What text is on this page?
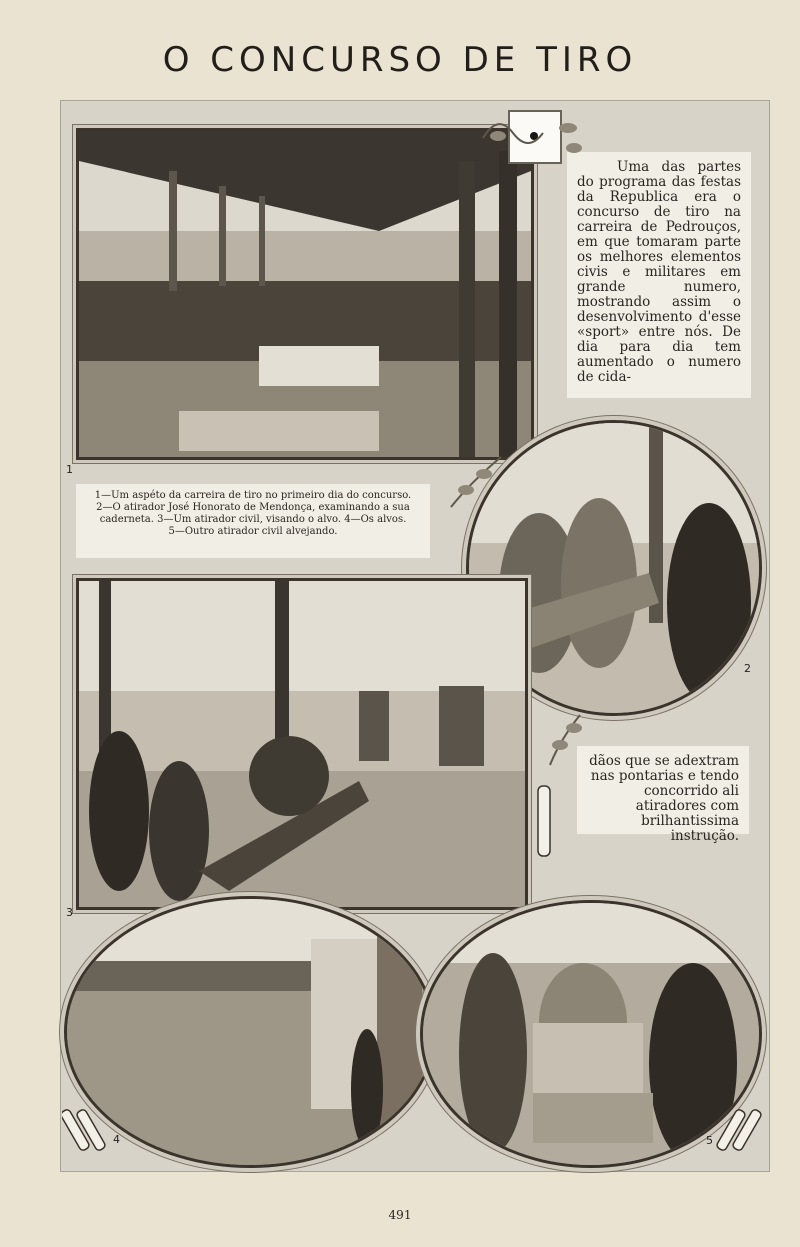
O CONCURSO DE TIRO

Uma das partes do programa das festas da Republica era o concurso de tiro na carreira de Pedrouços, em que tomaram parte os melhores elementos civis e militares em grande numero, mostrando assim o desenvolvimento d'esse «sport» entre nós. De dia para dia tem aumentado o numero de cida-

1
1—Um aspéto da carreira de tiro no primeiro dia do concurso.
2—O atirador José Honorato de Mendonça, examinando a sua
caderneta. 3—Um atirador civil, visando o alvo. 4—Os alvos.
5—Outro atirador civil alvejando.
2
3

dãos que se adextram nas pontarias e tendo concorrido ali atiradores com brilhantissima instrução.

4	5
491
